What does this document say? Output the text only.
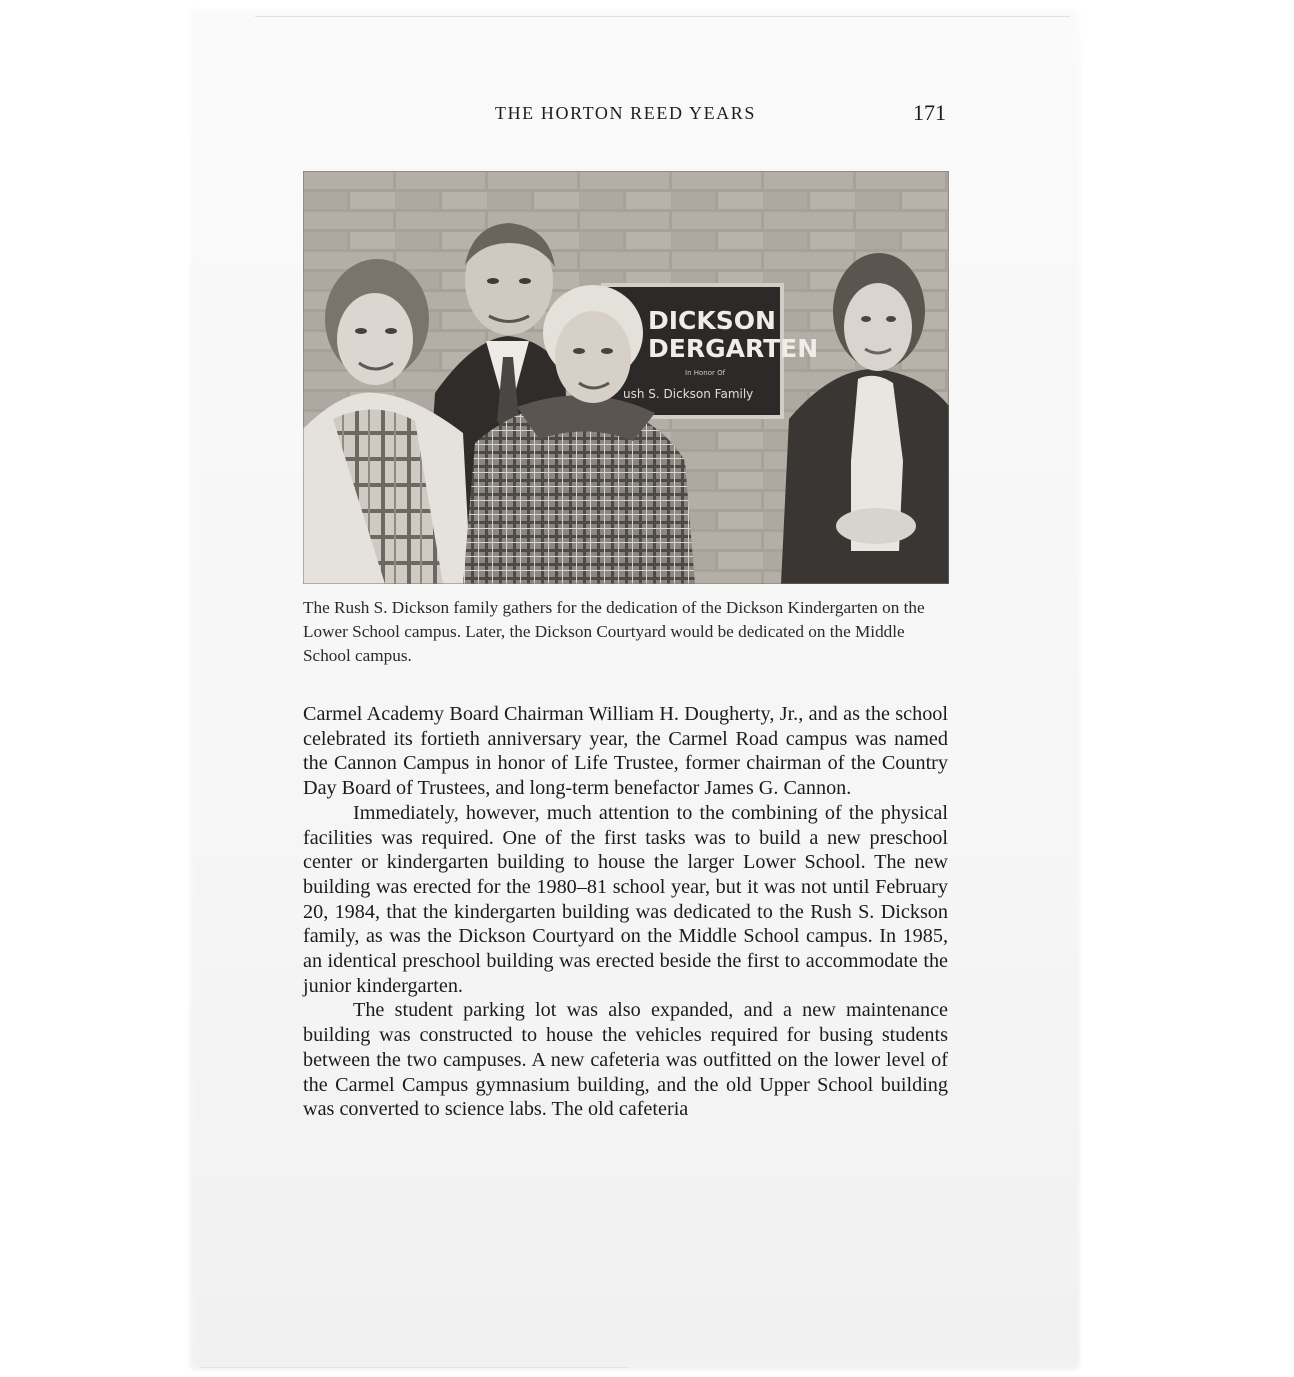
THE HORTON REED YEARS	171
DICKSON
DERGARTEN
In Honor Of
ush S. Dickson Family
The Rush S. Dickson family gathers for the dedication of the Dickson Kindergarten on the Lower School campus. Later, the Dickson Courtyard would be dedicated on the Middle School campus.

Carmel Academy Board Chairman William H. Dougherty, Jr., and as the school celebrated its fortieth anniversary year, the Carmel Road campus was named the Cannon Campus in honor of Life Trustee, former chairman of the Country Day Board of Trustees, and long-term benefactor James G. Cannon.

Immediately, however, much attention to the combining of the physical facilities was required. One of the first tasks was to build a new preschool center or kindergarten building to house the larger Lower School. The new building was erected for the 1980–81 school year, but it was not until February 20, 1984, that the kindergarten building was dedicated to the Rush S. Dickson family, as was the Dickson Courtyard on the Middle School campus. In 1985, an identical preschool building was erected beside the first to accommodate the junior kindergarten.

The student parking lot was also expanded, and a new maintenance building was constructed to house the vehicles required for busing students between the two campuses. A new cafeteria was outfitted on the lower level of the Carmel Campus gymnasium building, and the old Upper School building was converted to science labs. The old cafeteria
